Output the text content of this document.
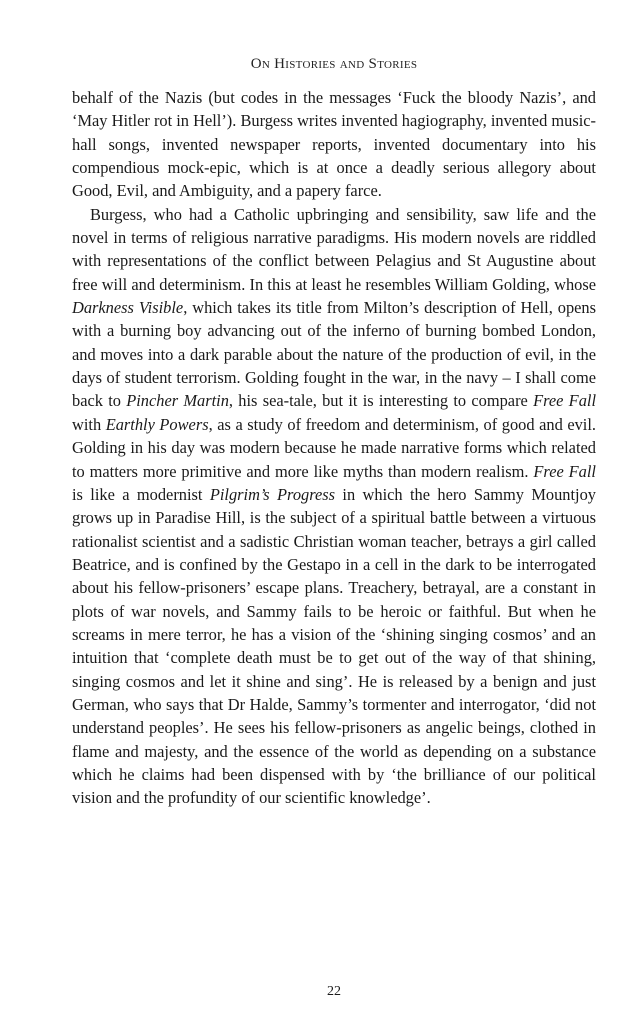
On Histories and Stories

behalf of the Nazis (but codes in the messages ‘Fuck the bloody Nazis’, and ‘May Hitler rot in Hell’). Burgess writes invented hagiography, invented music-hall songs, invented newspaper reports, invented documentary into his compendious mock-epic, which is at once a deadly serious allegory about Good, Evil, and Ambiguity, and a papery farce.

Burgess, who had a Catholic upbringing and sensibility, saw life and the novel in terms of religious narrative paradigms. His modern novels are riddled with representations of the conflict between Pelagius and St Augustine about free will and determinism. In this at least he resembles William Golding, whose Darkness Visible, which takes its title from Milton’s description of Hell, opens with a burning boy advancing out of the inferno of burning bombed London, and moves into a dark parable about the nature of the production of evil, in the days of student terrorism. Golding fought in the war, in the navy – I shall come back to Pincher Martin, his sea-tale, but it is interesting to compare Free Fall with Earthly Powers, as a study of freedom and determinism, of good and evil. Golding in his day was modern because he made narrative forms which related to matters more primitive and more like myths than modern realism. Free Fall is like a modernist Pilgrim’s Progress in which the hero Sammy Mountjoy grows up in Paradise Hill, is the subject of a spiritual battle between a virtuous rationalist scientist and a sadistic Christian woman teacher, betrays a girl called Beatrice, and is confined by the Gestapo in a cell in the dark to be interrogated about his fellow-prisoners’ escape plans. Treachery, betrayal, are a constant in plots of war novels, and Sammy fails to be heroic or faithful. But when he screams in mere terror, he has a vision of the ‘shining singing cosmos’ and an intuition that ‘complete death must be to get out of the way of that shining, singing cosmos and let it shine and sing’. He is released by a benign and just German, who says that Dr Halde, Sammy’s tormenter and interrogator, ‘did not understand peoples’. He sees his fellow-prisoners as angelic beings, clothed in flame and majesty, and the essence of the world as depending on a substance which he claims had been dispensed with by ‘the brilliance of our political vision and the profundity of our scientific knowledge’.

22
